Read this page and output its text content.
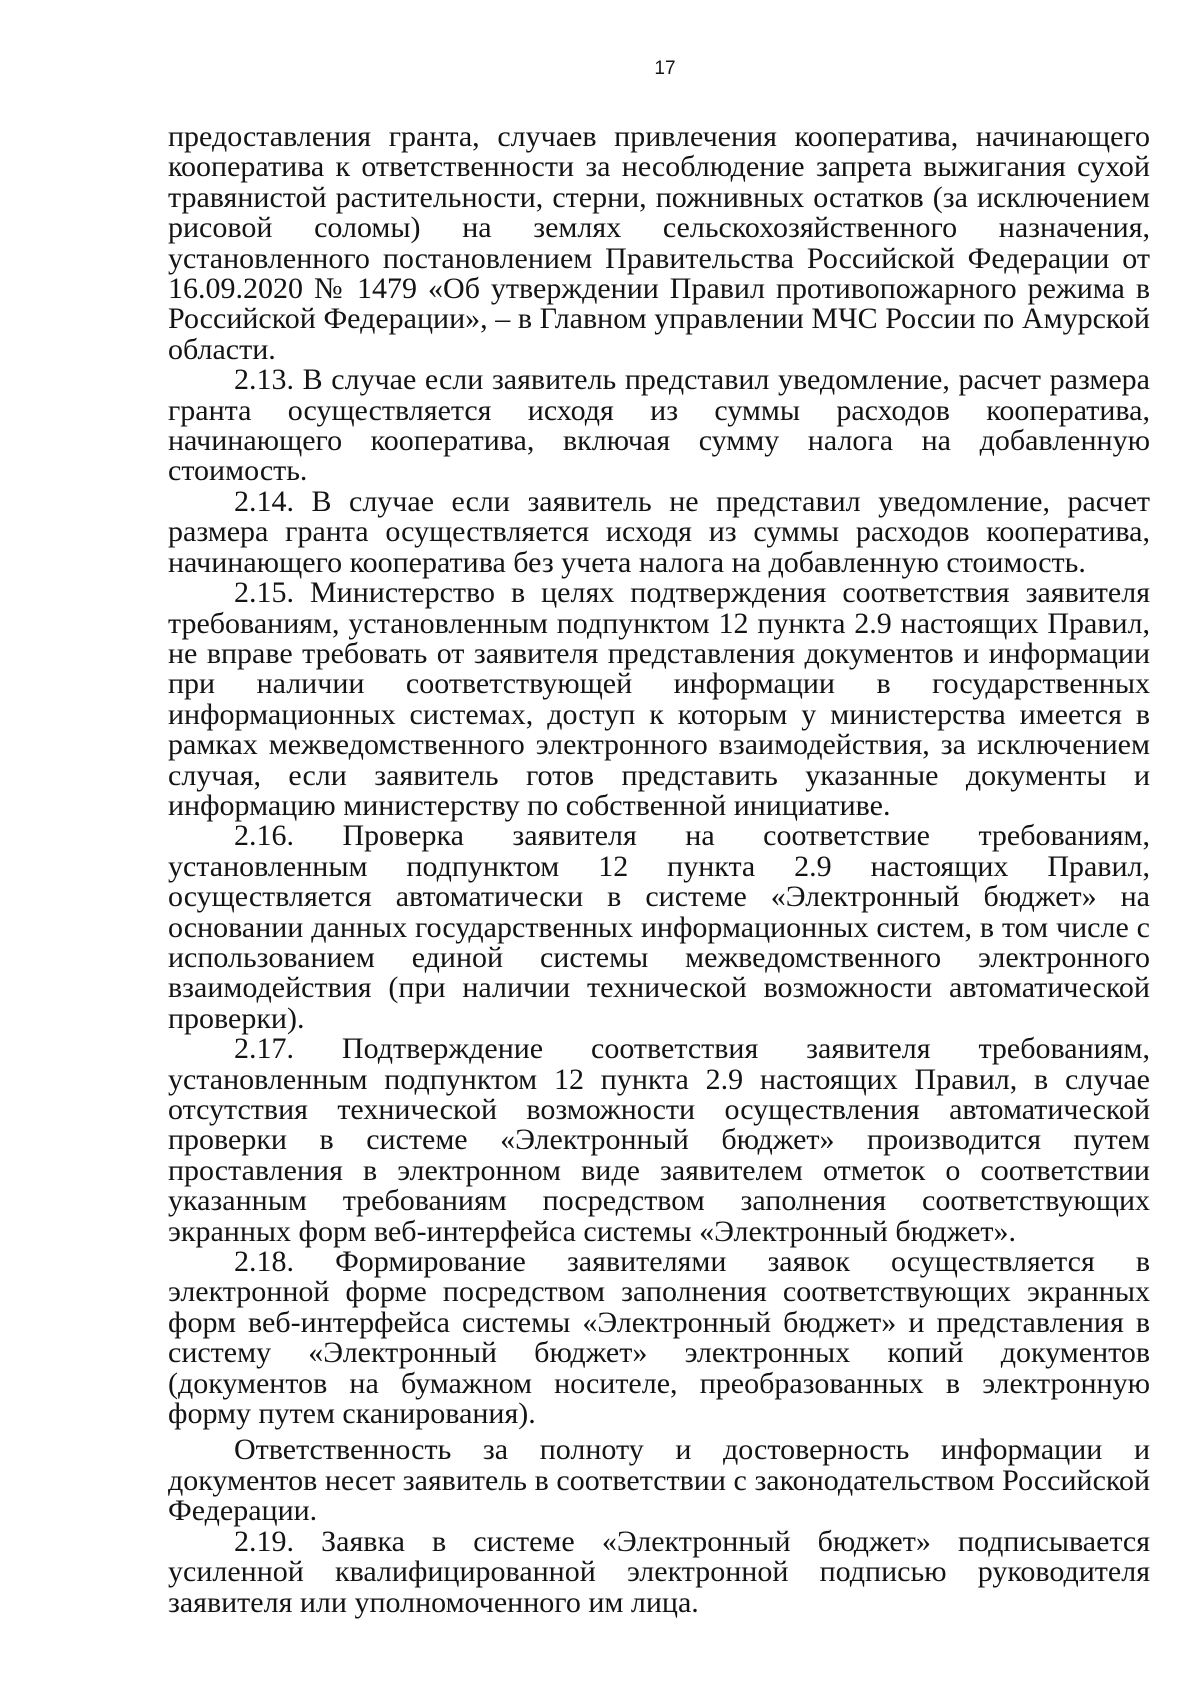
17

предоставления гранта, случаев привлечения кооператива, начинающего кооператива к ответственности за несоблюдение запрета выжигания сухой травянистой растительности, стерни, пожнивных остатков (за исключением рисовой соломы) на землях сельскохозяйственного назначения, установленного постановлением Правительства Российской Федерации от 16.09.2020 № 1479 «Об утверждении Правил противопожарного режима в Российской Федерации», – в Главном управлении МЧС России по Амурской области.

2.13. В случае если заявитель представил уведомление, расчет размера гранта осуществляется исходя из суммы расходов кооператива, начинающего кооператива, включая сумму налога на добавленную стоимость.

2.14. В случае если заявитель не представил уведомление, расчет размера гранта осуществляется исходя из суммы расходов кооператива, начинающего кооператива без учета налога на добавленную стоимость.

2.15. Министерство в целях подтверждения соответствия заявителя требованиям, установленным подпунктом 12 пункта 2.9 настоящих Правил, не вправе требовать от заявителя представления документов и информации при наличии соответствующей информации в государственных информационных системах, доступ к которым у министерства имеется в рамках межведомственного электронного взаимодействия, за исключением случая, если заявитель готов представить указанные документы и информацию министерству по собственной инициативе.

2.16. Проверка заявителя на соответствие требованиям, установленным подпунктом 12 пункта 2.9 настоящих Правил, осуществляется автоматически в системе «Электронный бюджет» на основании данных государственных информационных систем, в том числе с использованием единой системы межведомственного электронного взаимодействия (при наличии технической возможности автоматической проверки).

2.17. Подтверждение соответствия заявителя требованиям, установленным подпунктом 12 пункта 2.9 настоящих Правил, в случае отсутствия технической возможности осуществления автоматической проверки в системе «Электронный бюджет» производится путем проставления в электронном виде заявителем отметок о соответствии указанным требованиям посредством заполнения соответствующих экранных форм веб-интерфейса системы «Электронный бюджет».

2.18. Формирование заявителями заявок осуществляется в электронной форме посредством заполнения соответствующих экранных форм веб-интерфейса системы «Электронный бюджет» и представления в систему «Электронный бюджет» электронных копий документов (документов на бумажном носителе, преобразованных в электронную форму путем сканирования).

Ответственность за полноту и достоверность информации и документов несет заявитель в соответствии с законодательством Российской Федерации.

2.19. Заявка в системе «Электронный бюджет» подписывается усиленной квалифицированной электронной подписью руководителя заявителя или уполномоченного им лица.
